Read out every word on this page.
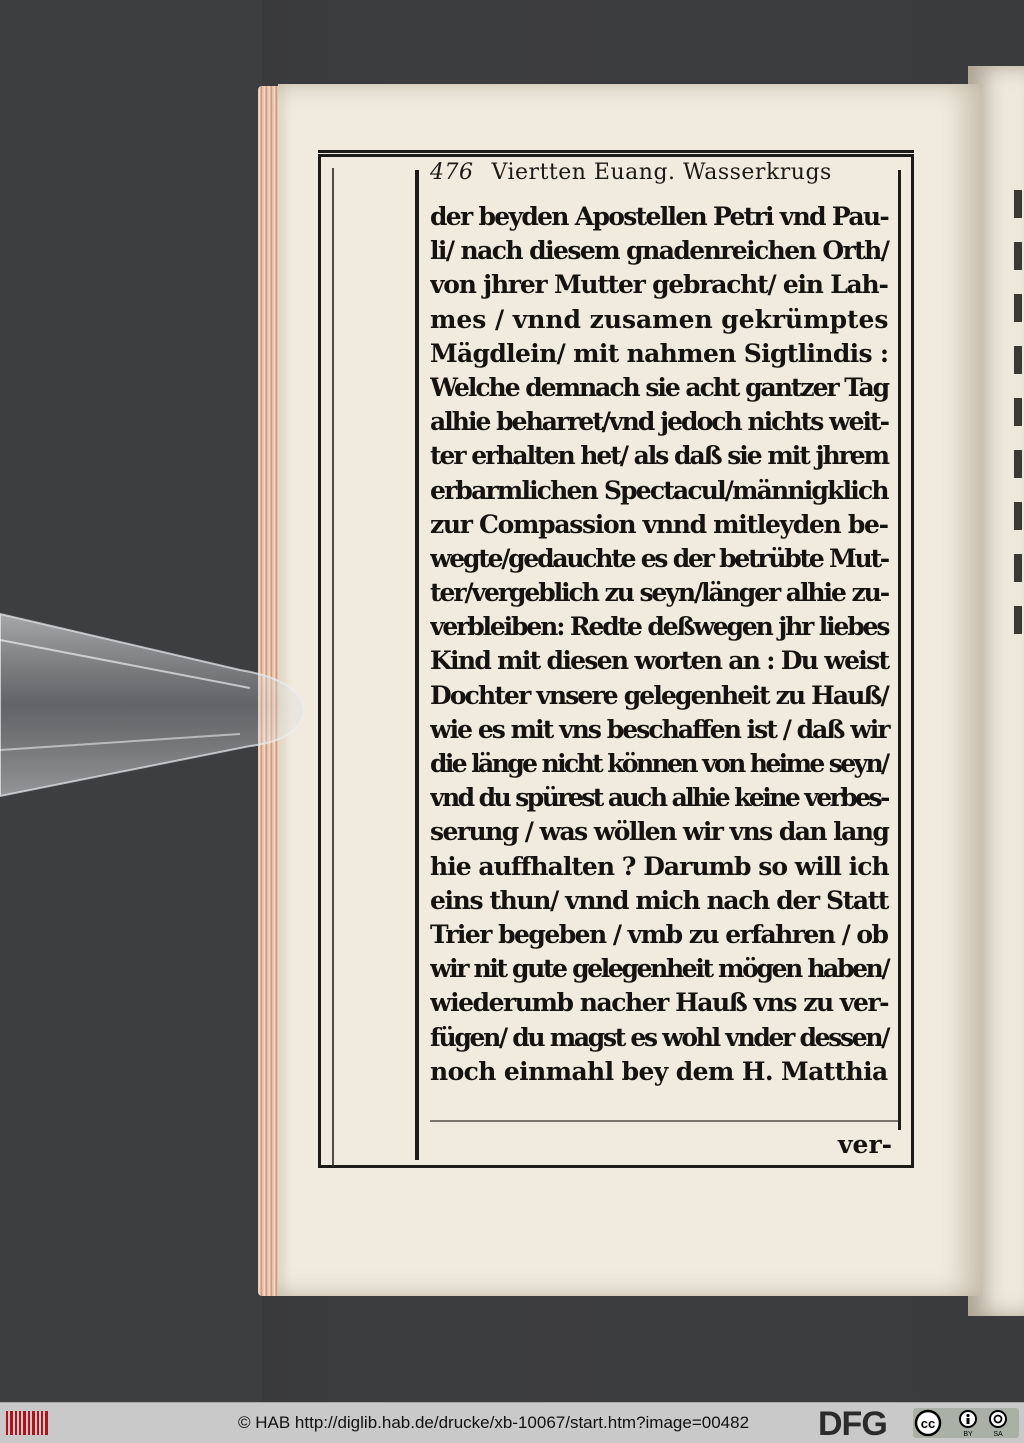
476 Viertten Euang. Wasserkrugs
der beyden Apostellen Petri vnd Pau-
li/ nach diesem gnadenreichen Orth/
von jhrer Mutter gebracht/ ein Lah-
mes / vnnd zusamen gekrümptes
Mägdlein/ mit nahmen Sigtlindis :
Welche demnach sie acht gantzer Tag
alhie beharret/vnd jedoch nichts weit-
ter erhalten het/ als daß sie mit jhrem
erbarmlichen Spectacul/männigklich
zur Compassion vnnd mitleyden be-
wegte/gedauchte es der betrübte Mut-
ter/vergeblich zu seyn/länger alhie zu-
verbleiben: Redte deßwegen jhr liebes
Kind mit diesen worten an : Du weist
Dochter vnsere gelegenheit zu Hauß/
wie es mit vns beschaffen ist / daß wir
die länge nicht können von heime seyn/
vnd du spürest auch alhie keine verbes-
serung / was wöllen wir vns dan lang
hie auffhalten ? Darumb so will ich
eins thun/ vnnd mich nach der Statt
Trier begeben / vmb zu erfahren / ob
wir nit gute gelegenheit mögen haben/
wiederumb nacher Hauß vns zu ver-
fügen/ du magst es wohl vnder dessen/
noch einmahl bey dem H. Matthia
ver-
© HAB http://diglib.hab.de/drucke/xb-10067/start.htm?image=00482 DFG	cc
BY	SA
